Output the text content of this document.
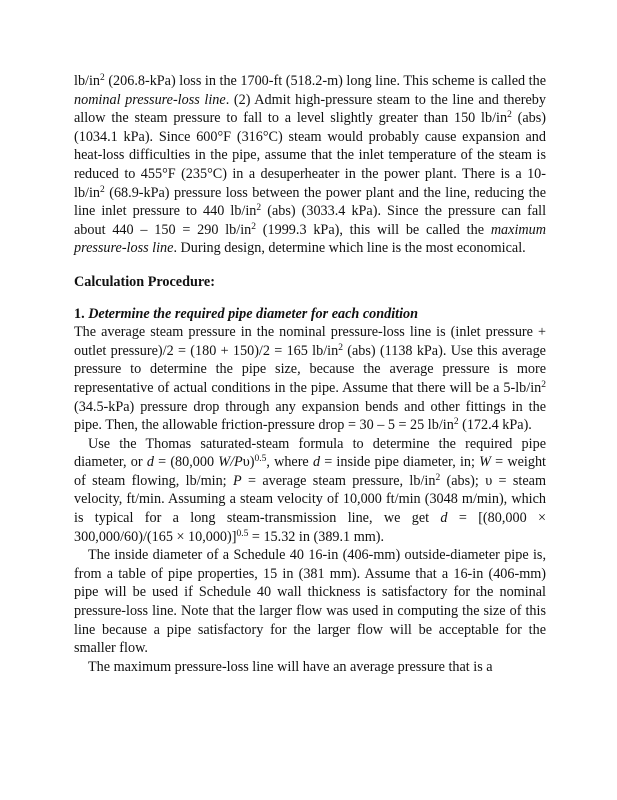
$lb/in^2$ (206.8-kPa) loss in the 1700-ft (518.2-m) long line. This scheme is called the nominal pressure-loss line. (2) Admit high-pressure steam to the line and thereby allow the steam pressure to fall to a level slightly greater than 150 $lb/in^2$ (abs) (1034.1 kPa). Since 600°F (316°C) steam would probably cause expansion and heat-loss difficulties in the pipe, assume that the inlet temperature of the steam is reduced to 455°F (235°C) in a desuperheater in the power plant. There is a $10-lb/in^2$ (68.9-kPa) pressure loss between the power plant and the line, reducing the line inlet pressure to 440 $lb/in^2$ (abs) (3033.4 kPa). Since the pressure can fall about 440 – 150 = 290 $lb/in^2$ (1999.3 kPa), this will be called the maximum pressure-loss line. During design, determine which line is the most economical.

Calculation Procedure:

1. Determine the required pipe diameter for each condition

The average steam pressure in the nominal pressure-loss line is (inlet pressure + outlet pressure)/2 = (180 + 150)/2 = 165 $lb/in^2$ (abs) (1138 kPa). Use this average pressure to determine the pipe size, because the average pressure is more representative of actual conditions in the pipe. Assume that there will be a $5-lb/in^2$ (34.5-kPa) pressure drop through any expansion bends and other fittings in the pipe. Then, the allowable friction-pressure drop = 30 – 5 = 25 $lb/in^2$ (172.4 kPa).

Use the Thomas saturated-steam formula to determine the required pipe diameter, or d = (80,000 W/Pυ)$^{0.5}$, where d = inside pipe diameter, in; W = weight of steam flowing, lb/min; P = average steam pressure, $lb/in^2$ (abs); υ = steam velocity, ft/min. Assuming a steam velocity of 10,000 ft/min (3048 m/min), which is typical for a long steam-transmission line, we get $d = [(80,000 \times 300,000/60)/(165 \times 10,000)]^{0.5} = 15.32$ in (389.1 mm).

The inside diameter of a Schedule 40 16-in (406-mm) outside-diameter pipe is, from a table of pipe properties, 15 in (381 mm). Assume that a 16-in (406-mm) pipe will be used if Schedule 40 wall thickness is satisfactory for the nominal pressure-loss line. Note that the larger flow was used in computing the size of this line because a pipe satisfactory for the larger flow will be acceptable for the smaller flow.

The maximum pressure-loss line will have an average pressure that is a
